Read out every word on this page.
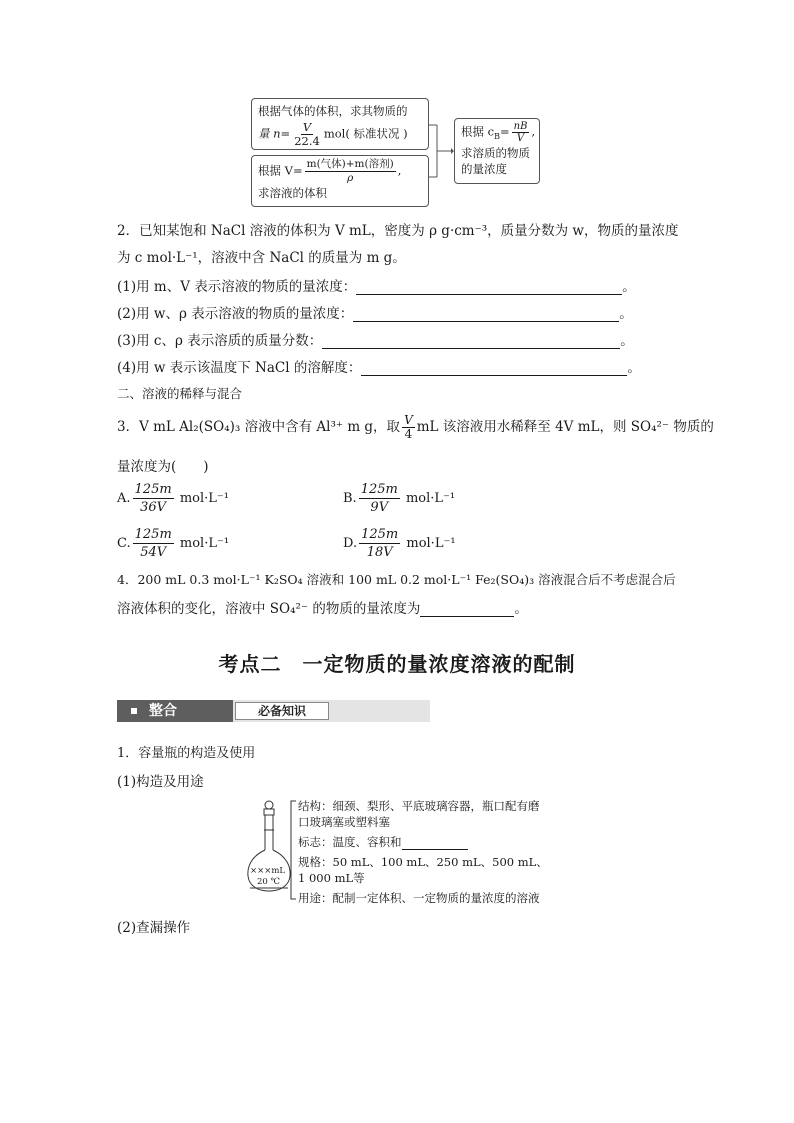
根据气体的体积，求其物质的
量 $n= \frac{V}{22.4} mol$( 标准状况 )
根据 $V= \frac{\text{m(气体)+m(溶剂)}}{\rho}$ ,
求溶液的体积
根据 $c_B= \frac{nB}{V}$ ,
求溶质的物质
的量浓度
2．已知某饱和 NaCl 溶液的体积为 V mL，密度为 ρ g·cm⁻³，质量分数为 w，物质的量浓度
为 c mol·L⁻¹，溶液中含 NaCl 的质量为 m g。
(1)用 m、V 表示溶液的物质的量浓度：	。
(2)用 w、ρ 表示溶液的物质的量浓度：	。
(3)用 c、ρ 表示溶质的质量分数：	。
(4)用 w 表示该温度下 NaCl 的溶解度：	。
二、溶液的稀释与混合
3．V mL Al₂(SO₄)₃ 溶液中含有 Al³⁺ m g，取 $\frac{V}{4}$ mL 该溶液用水稀释至 4V mL，则 SO₄²⁻ 物质的
量浓度为(　　)
A. $\frac{125m}{36V} mol\cdot L^{-1}$	B. $\frac{125m}{9V} mol\cdot L^{-1}$
C. $\frac{125m}{54V} mol\cdot L^{-1}$	D. $\frac{125m}{18V} mol\cdot L^{-1}$
4．200 mL 0.3 mol·L⁻¹ K₂SO₄ 溶液和 100 mL 0.2 mol·L⁻¹ Fe₂(SO₄)₃ 溶液混合后不考虑混合后
溶液体积的变化，溶液中 SO₄²⁻ 的物质的量浓度为	。
考点二　一定物质的量浓度溶液的配制
整合	必备知识
1．容量瓶的构造及使用
(1)构造及用途
×××mL
20 ℃
结构：细颈、梨形、平底玻璃容器，瓶口配有磨
口玻璃塞或塑料塞
标志：温度、容积和
规格：50 mL、100 mL、250 mL、500 mL、
1 000 mL等
用途：配制一定体积、一定物质的量浓度的溶液
(2)查漏操作
